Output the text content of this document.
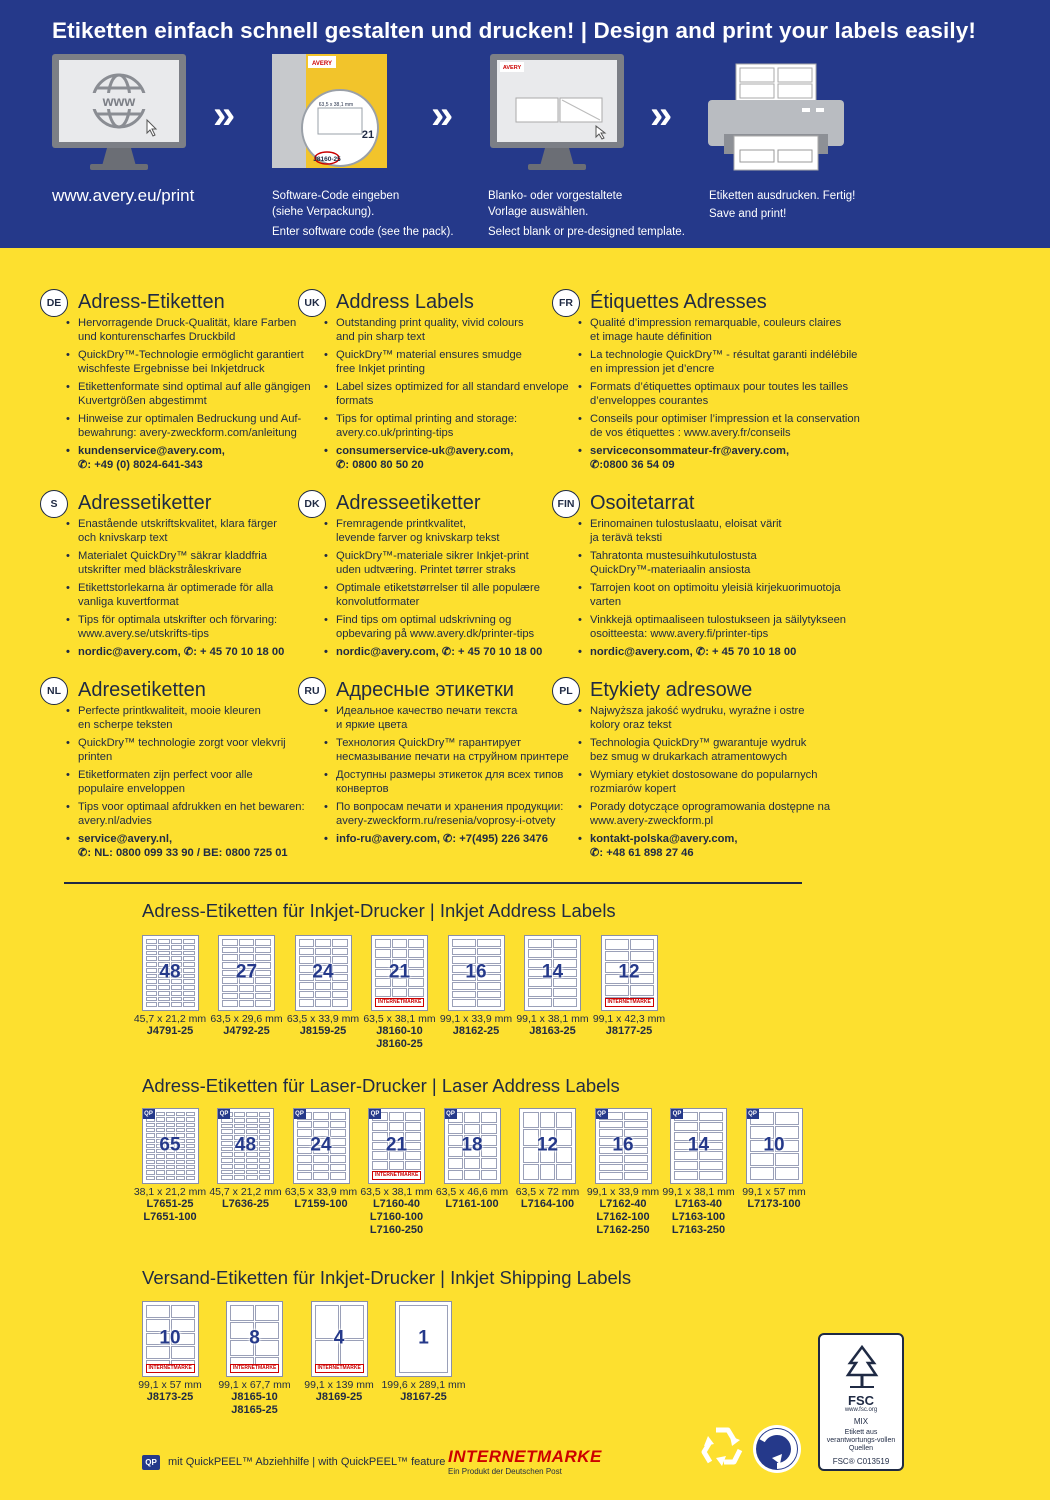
Etiketten einfach schnell gestalten und drucken! | Design and print your labels easily!
www
www.avery.eu/print
»
AVERY
21
63,5 x 38,1 mm
J8160-25
Software-Code eingeben
(siehe Verpackung).
Enter software code (see the pack).
»
AVERY
Blanko- oder vorgestaltete
Vorlage auswählen.
Select blank or pre-designed template.
»
Etiketten ausdrucken. Fertig!
Save and print!
DE Adress-Etiketten
• Hervorragende Druck-Qualität, klare Farben
und konturenscharfes Druckbild
• QuickDry™-Technologie ermöglicht garantiert
wischfeste Ergebnisse bei Inkjetdruck
• Etikettenformate sind optimal auf alle gängigen
Kuvertgrößen abgestimmt
• Hinweise zur optimalen Bedruckung und Auf-
bewahrung: avery-zweckform.com/anleitung
• kundenservice@avery.com,
✆: +49 (0) 8024-641-343
UK Address Labels
• Outstanding print quality, vivid colours
and pin sharp text
• QuickDry™ material ensures smudge
free Inkjet printing
• Label sizes optimized for all standard envelope
formats
• Tips for optimal printing and storage:
avery.co.uk/printing-tips
• consumerservice-uk@avery.com,
✆: 0800 80 50 20
FR Étiquettes Adresses
• Qualité d’impression remarquable, couleurs claires
et image haute définition
• La technologie QuickDry™ - résultat garanti indélébile
en impression jet d’encre
• Formats d’étiquettes optimaux pour toutes les tailles
d’enveloppes courantes
• Conseils pour optimiser l’impression et la conservation
de vos étiquettes : www.avery.fr/conseils
• serviceconsommateur-fr@avery.com,
✆:0800 36 54 09
S	Adressetiketter
• Enastående utskriftskvalitet, klara färger
och knivskarp text
• Materialet QuickDry™ säkrar kladdfria
utskrifter med bläckstråleskrivare
• Etikettstorlekarna är optimerade för alla
vanliga kuvertformat
• Tips för optimala utskrifter och förvaring:
www.avery.se/utskrifts-tips
• nordic@avery.com, ✆: + 45 70 10 18 00
DK Adresseetiketter
• Fremragende printkvalitet,
levende farver og knivskarp tekst
• QuickDry™-materiale sikrer Inkjet-print
uden udtværing. Printet tørrer straks
• Optimale etiketstørrelser til alle populære
konvolutformater
• Find tips om optimal udskrivning og
opbevaring på www.avery.dk/printer-tips
• nordic@avery.com, ✆: + 45 70 10 18 00
FIN Osoitetarrat
• Erinomainen tulostuslaatu, eloisat värit
ja terävä teksti
• Tahratonta mustesuihkutulostusta
QuickDry™-materiaalin ansiosta
• Tarrojen koot on optimoitu yleisiä kirjekuorimuotoja
varten
• Vinkkejä optimaaliseen tulostukseen ja säilytykseen
osoitteesta: www.avery.fi/printer-tips
• nordic@avery.com, ✆: + 45 70 10 18 00
NL Adresetiketten
• Perfecte printkwaliteit, mooie kleuren
en scherpe teksten
• QuickDry™ technologie zorgt voor vlekvrij
printen
• Etiketformaten zijn perfect voor alle
populaire enveloppen
• Tips voor optimaal afdrukken en het bewaren:
avery.nl/advies
• service@avery.nl,
✆: NL: 0800 099 33 90 / BE: 0800 725 01
RU Адресные этикетки
• Идеальное качество печати текста
и яркие цвета
• Технология QuickDry™ гарантирует
несмазывание печати на струйном принтере
• Доступны размеры этикеток для всех типов
конвертов
• По вопросам печати и хранения продукции:
avery-zweckform.ru/resenia/voprosy-i-otvety
• info-ru@avery.com, ✆: +7(495) 226 3476
PL Etykiety adresowe
• Najwyższa jakość wydruku, wyraźne i ostre
kolory oraz tekst
• Technologia QuickDry™ gwarantuje wydruk
bez smug w drukarkach atramentowych
• Wymiary etykiet dostosowane do popularnych
rozmiarów kopert
• Porady dotyczące oprogramowania dostępne na
www.avery-zweckform.pl
• kontakt-polska@avery.com,
✆: +48 61 898 27 46
Adress-Etiketten für Inkjet-Drucker | Inkjet Address Labels
48
45,7 x 21,2 mm
J4791-25
27
63,5 x 29,6 mm
J4792-25
24
63,5 x 33,9 mm
J8159-25
21
INTERNETMARKE
63,5 x 38,1 mm
J8160-10
J8160-25
16
99,1 x 33,9 mm
J8162-25
14
99,1 x 38,1 mm
J8163-25
12
INTERNETMARKE
99,1 x 42,3 mm
J8177-25
Adress-Etiketten für Laser-Drucker | Laser Address Labels
65
QP
38,1 x 21,2 mm
L7651-25
L7651-100
48
QP
45,7 x 21,2 mm
L7636-25
24
QP
63,5 x 33,9 mm
L7159-100
21
QP
INTERNETMARKE
63,5 x 38,1 mm
L7160-40
L7160-100
L7160-250
18
QP
63,5 x 46,6 mm
L7161-100
12
63,5 x 72 mm
L7164-100
16
QP
99,1 x 33,9 mm
L7162-40
L7162-100
L7162-250
14
QP
99,1 x 38,1 mm
L7163-40
L7163-100
L7163-250
10
QP
99,1 x 57 mm
L7173-100
Versand-Etiketten für Inkjet-Drucker | Inkjet Shipping Labels
10
INTERNETMARKE
99,1 x 57 mm
J8173-25
8
INTERNETMARKE
99,1 x 67,7 mm
J8165-10
J8165-25
4
INTERNETMARKE
99,1 x 139 mm
J8169-25
1
199,6 x 289,1 mm
J8167-25
QP mit QuickPEEL™ Abziehhilfe | with QuickPEEL™ feature INTERNETMARKE
Ein Produkt der Deutschen Post
FSC
www.fsc.org
MIX
Etikett aus verantwortungs-vollen Quellen
FSC® C013519
